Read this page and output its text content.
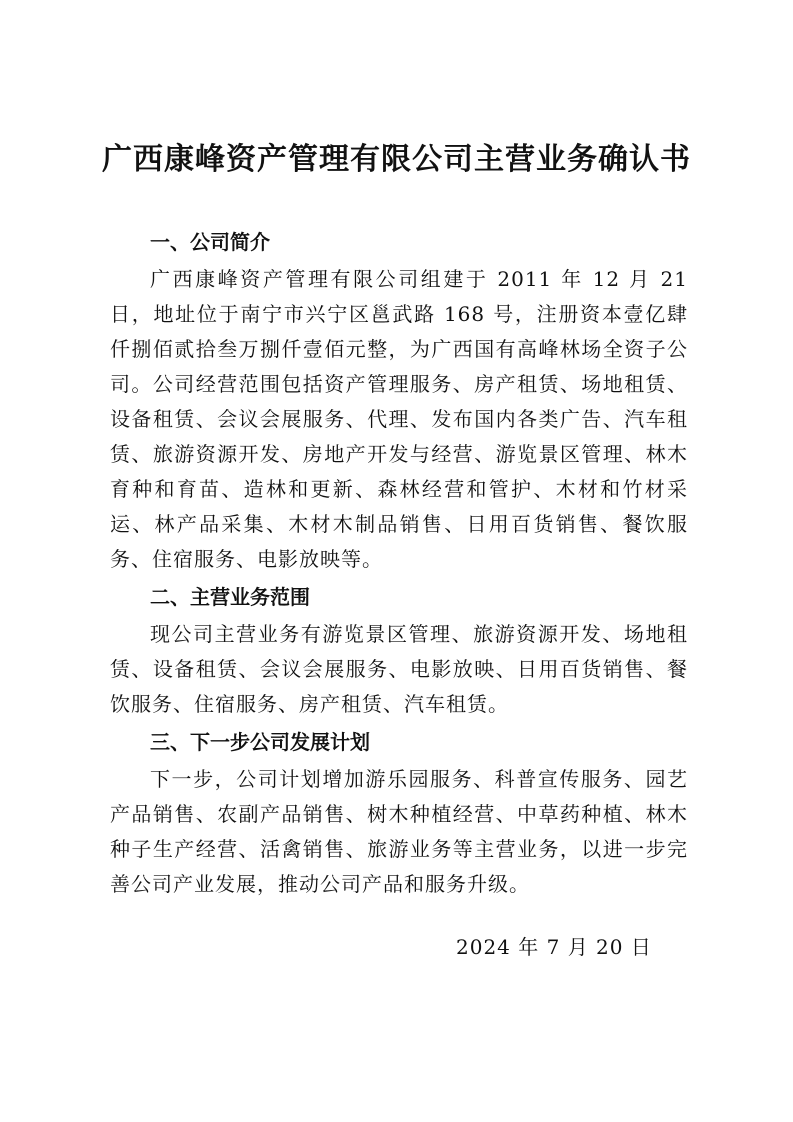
广西康峰资产管理有限公司主营业务确认书
一、公司简介

广西康峰资产管理有限公司组建于 2011 年 12 月 21 日，地址位于南宁市兴宁区邕武路 168 号，注册资本壹亿肆仟捌佰贰拾叁万捌仟壹佰元整，为广西国有高峰林场全资子公司。公司经营范围包括资产管理服务、房产租赁、场地租赁、设备租赁、会议会展服务、代理、发布国内各类广告、汽车租赁、旅游资源开发、房地产开发与经营、游览景区管理、林木育种和育苗、造林和更新、森林经营和管护、木材和竹材采运、林产品采集、木材木制品销售、日用百货销售、餐饮服务、住宿服务、电影放映等。

二、主营业务范围

现公司主营业务有游览景区管理、旅游资源开发、场地租赁、设备租赁、会议会展服务、电影放映、日用百货销售、餐饮服务、住宿服务、房产租赁、汽车租赁。

三、下一步公司发展计划

下一步，公司计划增加游乐园服务、科普宣传服务、园艺产品销售、农副产品销售、树木种植经营、中草药种植、林木种子生产经营、活禽销售、旅游业务等主营业务，以进一步完善公司产业发展，推动公司产品和服务升级。

2024 年 7 月 20 日
